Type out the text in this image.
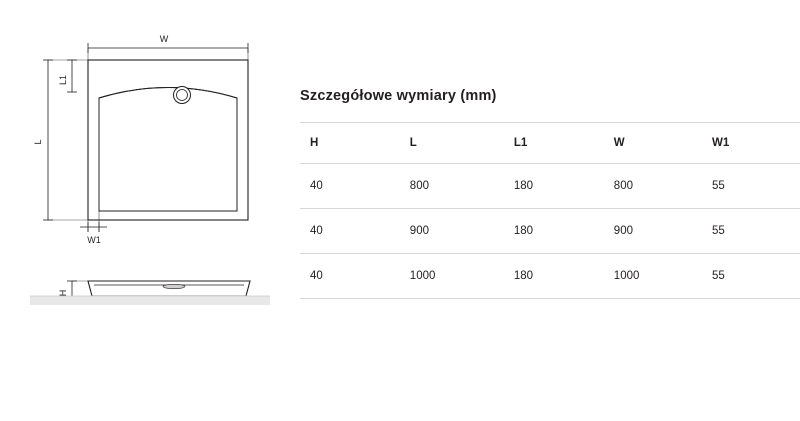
W
L1
L
W1
H
Szczegółowe wymiary (mm)
H	L	L1	W	W1
40	800	180	800	55
40	900	180	900	55
40	1000	180	1000	55
